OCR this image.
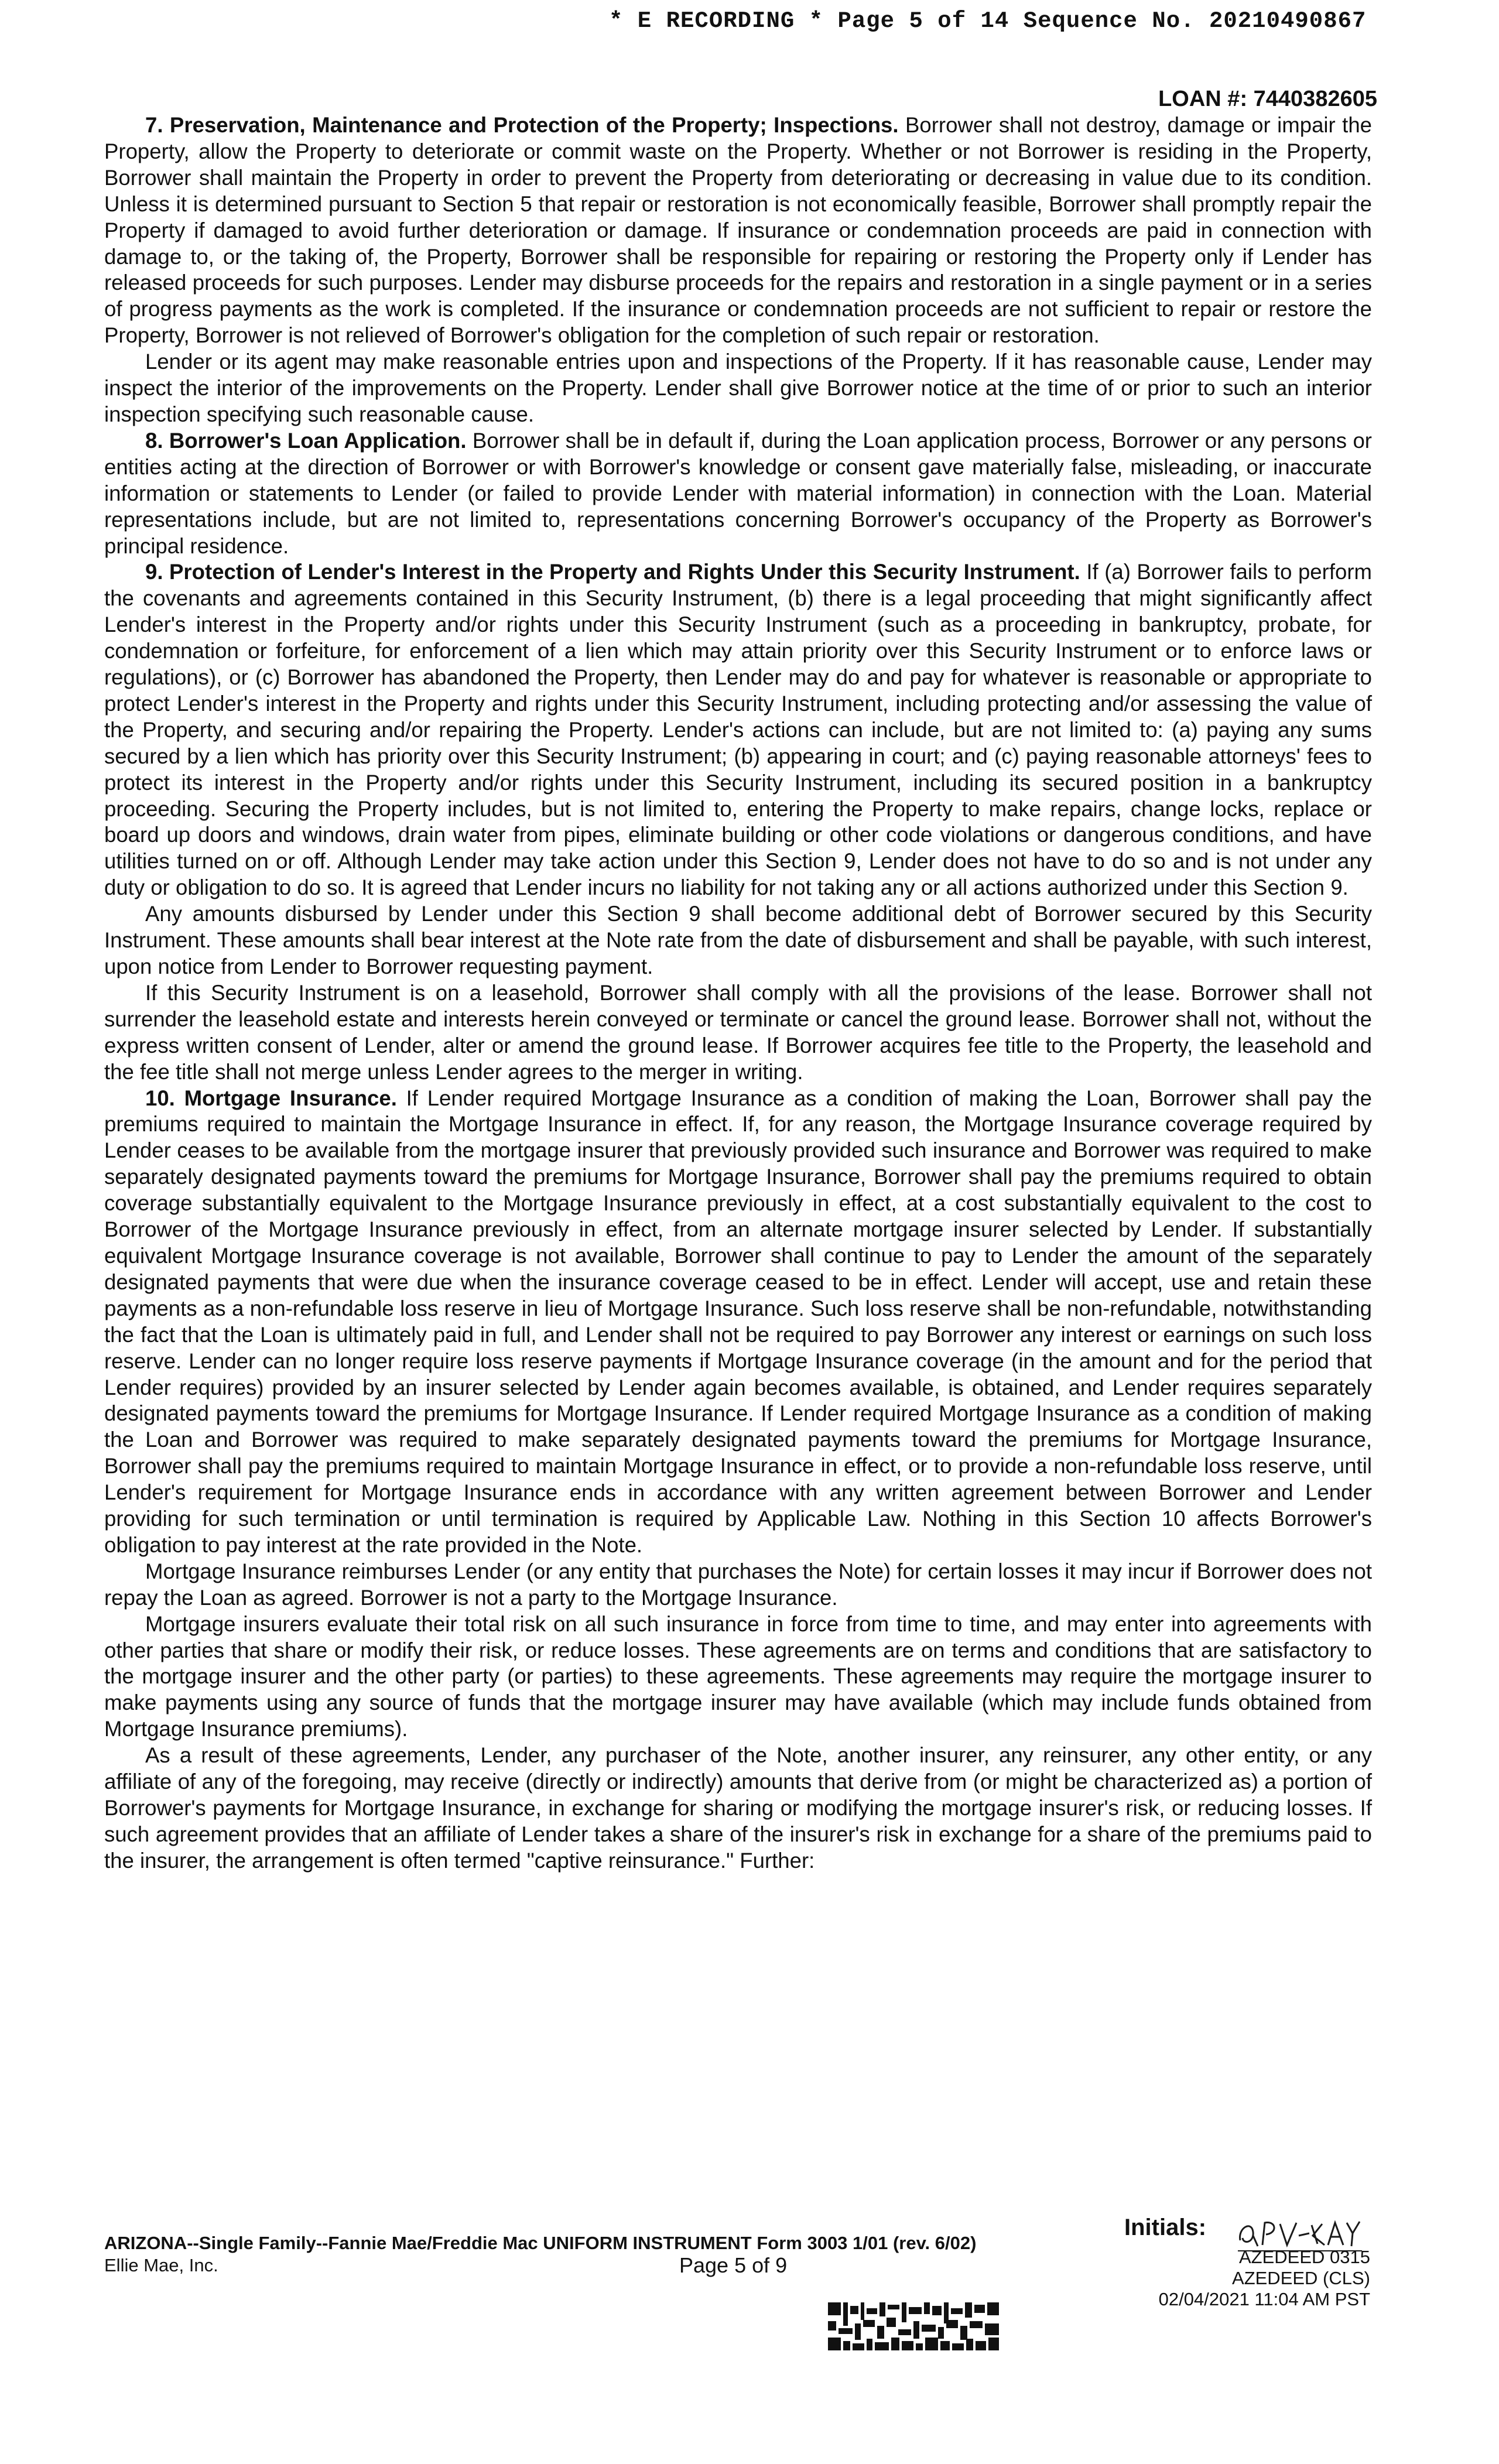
* E RECORDING * Page 5 of 14 Sequence No. 20210490867
LOAN #: 7440382605

7. Preservation, Maintenance and Protection of the Property; Inspections. Borrower shall not destroy, damage or impair the Property, allow the Property to deteriorate or commit waste on the Property. Whether or not Borrower is residing in the Property, Borrower shall maintain the Property in order to prevent the Property from deteriorating or decreasing in value due to its condition. Unless it is determined pursuant to Section 5 that repair or restoration is not economically feasible, Borrower shall promptly repair the Property if damaged to avoid further deterioration or damage. If insurance or condemnation proceeds are paid in connection with damage to, or the taking of, the Property, Borrower shall be responsible for repairing or restoring the Property only if Lender has released proceeds for such purposes. Lender may disburse proceeds for the repairs and restoration in a single payment or in a series of progress payments as the work is completed. If the insurance or condemnation proceeds are not sufficient to repair or restore the Property, Borrower is not relieved of Borrower's obligation for the completion of such repair or restoration.

Lender or its agent may make reasonable entries upon and inspections of the Property. If it has reasonable cause, Lender may inspect the interior of the improvements on the Property. Lender shall give Borrower notice at the time of or prior to such an interior inspection specifying such reasonable cause.

8. Borrower's Loan Application. Borrower shall be in default if, during the Loan application process, Borrower or any persons or entities acting at the direction of Borrower or with Borrower's knowledge or consent gave materially false, misleading, or inaccurate information or statements to Lender (or failed to provide Lender with material information) in connection with the Loan. Material representations include, but are not limited to, representations concerning Borrower's occupancy of the Property as Borrower's principal residence.

9. Protection of Lender's Interest in the Property and Rights Under this Security Instrument. If (a) Borrower fails to perform the covenants and agreements contained in this Security Instrument, (b) there is a legal proceeding that might significantly affect Lender's interest in the Property and/or rights under this Security Instrument (such as a proceeding in bankruptcy, probate, for condemnation or forfeiture, for enforcement of a lien which may attain priority over this Security Instrument or to enforce laws or regulations), or (c) Borrower has abandoned the Property, then Lender may do and pay for whatever is reasonable or appropriate to protect Lender's interest in the Property and rights under this Security Instrument, including protecting and/or assessing the value of the Property, and securing and/or repairing the Property. Lender's actions can include, but are not limited to: (a) paying any sums secured by a lien which has priority over this Security Instrument; (b) appearing in court; and (c) paying reasonable attorneys' fees to protect its interest in the Property and/or rights under this Security Instrument, including its secured position in a bankruptcy proceeding. Securing the Property includes, but is not limited to, entering the Property to make repairs, change locks, replace or board up doors and windows, drain water from pipes, eliminate building or other code violations or dangerous conditions, and have utilities turned on or off. Although Lender may take action under this Section 9, Lender does not have to do so and is not under any duty or obligation to do so. It is agreed that Lender incurs no liability for not taking any or all actions authorized under this Section 9.

Any amounts disbursed by Lender under this Section 9 shall become additional debt of Borrower secured by this Security Instrument. These amounts shall bear interest at the Note rate from the date of disbursement and shall be payable, with such interest, upon notice from Lender to Borrower requesting payment.

If this Security Instrument is on a leasehold, Borrower shall comply with all the provisions of the lease. Borrower shall not surrender the leasehold estate and interests herein conveyed or terminate or cancel the ground lease. Borrower shall not, without the express written consent of Lender, alter or amend the ground lease. If Borrower acquires fee title to the Property, the leasehold and the fee title shall not merge unless Lender agrees to the merger in writing.

10. Mortgage Insurance. If Lender required Mortgage Insurance as a condition of making the Loan, Borrower shall pay the premiums required to maintain the Mortgage Insurance in effect. If, for any reason, the Mortgage Insurance coverage required by Lender ceases to be available from the mortgage insurer that previously provided such insurance and Borrower was required to make separately designated payments toward the premiums for Mortgage Insurance, Borrower shall pay the premiums required to obtain coverage substantially equivalent to the Mortgage Insurance previously in effect, at a cost substantially equivalent to the cost to Borrower of the Mortgage Insurance previously in effect, from an alternate mortgage insurer selected by Lender. If substantially equivalent Mortgage Insurance coverage is not available, Borrower shall continue to pay to Lender the amount of the separately designated payments that were due when the insurance coverage ceased to be in effect. Lender will accept, use and retain these payments as a non-refundable loss reserve in lieu of Mortgage Insurance. Such loss reserve shall be non-refundable, notwithstanding the fact that the Loan is ultimately paid in full, and Lender shall not be required to pay Borrower any interest or earnings on such loss reserve. Lender can no longer require loss reserve payments if Mortgage Insurance coverage (in the amount and for the period that Lender requires) provided by an insurer selected by Lender again becomes available, is obtained, and Lender requires separately designated payments toward the premiums for Mortgage Insurance. If Lender required Mortgage Insurance as a condition of making the Loan and Borrower was required to make separately designated payments toward the premiums for Mortgage Insurance, Borrower shall pay the premiums required to maintain Mortgage Insurance in effect, or to provide a non-refundable loss reserve, until Lender's requirement for Mortgage Insurance ends in accordance with any written agreement between Borrower and Lender providing for such termination or until termination is required by Applicable Law. Nothing in this Section 10 affects Borrower's obligation to pay interest at the rate provided in the Note.

Mortgage Insurance reimburses Lender (or any entity that purchases the Note) for certain losses it may incur if Borrower does not repay the Loan as agreed. Borrower is not a party to the Mortgage Insurance.

Mortgage insurers evaluate their total risk on all such insurance in force from time to time, and may enter into agreements with other parties that share or modify their risk, or reduce losses. These agreements are on terms and conditions that are satisfactory to the mortgage insurer and the other party (or parties) to these agreements. These agreements may require the mortgage insurer to make payments using any source of funds that the mortgage insurer may have available (which may include funds obtained from Mortgage Insurance premiums).

As a result of these agreements, Lender, any purchaser of the Note, another insurer, any reinsurer, any other entity, or any affiliate of any of the foregoing, may receive (directly or indirectly) amounts that derive from (or might be characterized as) a portion of Borrower's payments for Mortgage Insurance, in exchange for sharing or modifying the mortgage insurer's risk, or reducing losses. If such agreement provides that an affiliate of Lender takes a share of the insurer's risk in exchange for a share of the premiums paid to the insurer, the arrangement is often termed "captive reinsurance." Further:

ARIZONA--Single Family--Fannie Mae/Freddie Mac UNIFORM INSTRUMENT Form 3003 1/01 (rev. 6/02)
Ellie Mae, Inc.	Page 5 of 9
Initials:
AZEDEED 0315
AZEDEED (CLS)
02/04/2021 11:04 AM PST
